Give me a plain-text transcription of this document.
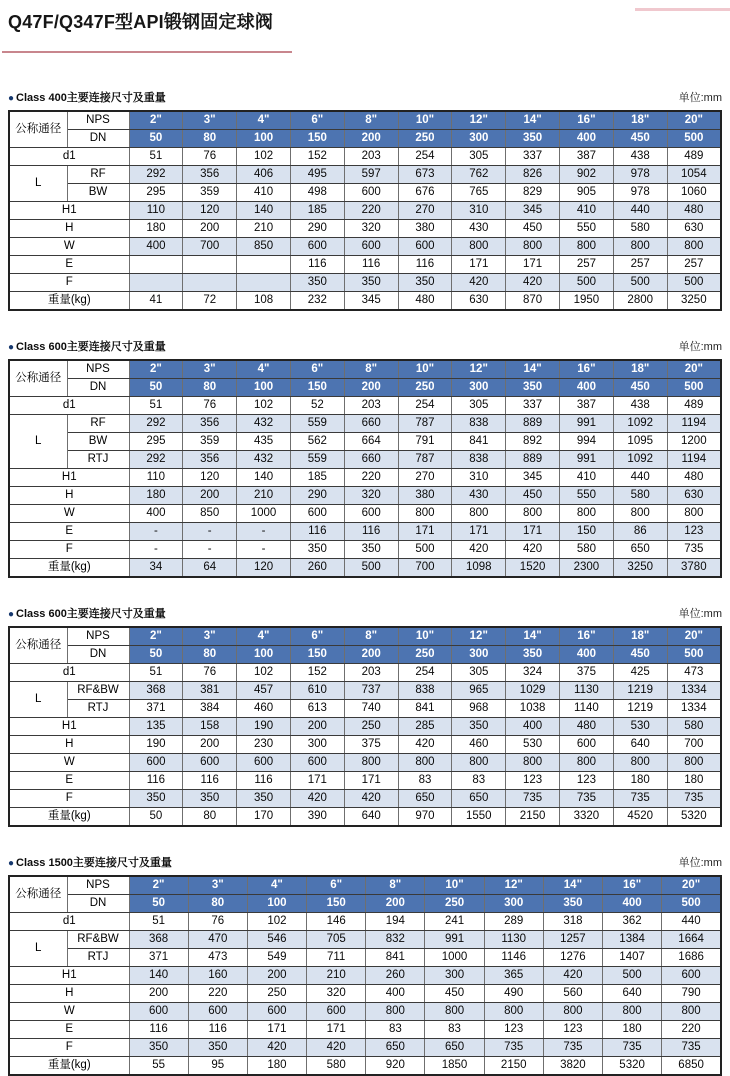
Q47F/Q347F型API锻钢固定球阀
● Class 400主要连接尺寸及重量	单位:mm
公称通径	NPS	2"	3"	4"	6"	8"	10"	12"	14"	16"	18"	20"
	DN	50	80	100	150	200	250	300	350	400	450	500
d1		51	76	102	152	203	254	305	337	387	438	489
L	RF	292	356	406	495	597	673	762	826	902	978	1054
	BW	295	359	410	498	600	676	765	829	905	978	1060
H1		110	120	140	185	220	270	310	345	410	440	480
H		180	200	210	290	320	380	430	450	550	580	630
W		400	700	850	600	600	600	800	800	800	800	800
E					116	116	116	171	171	257	257	257
F					350	350	350	420	420	500	500	500
重量(kg)		41	72	108	232	345	480	630	870	1950	2800	3250
● Class 600主要连接尺寸及重量	单位:mm
公称通径	NPS	2"	3"	4"	6"	8"	10"	12"	14"	16"	18"	20"
	DN	50	80	100	150	200	250	300	350	400	450	500
d1		51	76	102	52	203	254	305	337	387	438	489
L	RF	292	356	432	559	660	787	838	889	991	1092	1194
	BW	295	359	435	562	664	791	841	892	994	1095	1200
	RTJ	292	356	432	559	660	787	838	889	991	1092	1194
H1		110	120	140	185	220	270	310	345	410	440	480
H		180	200	210	290	320	380	430	450	550	580	630
W		400	850	1000	600	600	800	800	800	800	800	800
E		-	-	-	116	116	171	171	171	150	86	123
F		-	-	-	350	350	500	420	420	580	650	735
重量(kg)		34	64	120	260	500	700	1098	1520	2300	3250	3780
● Class 600主要连接尺寸及重量	单位:mm
公称通径	NPS	2"	3"	4"	6"	8"	10"	12"	14"	16"	18"	20"
	DN	50	80	100	150	200	250	300	350	400	450	500
d1		51	76	102	152	203	254	305	324	375	425	473
L	RF&BW	368	381	457	610	737	838	965	1029	1130	1219	1334
	RTJ	371	384	460	613	740	841	968	1038	1140	1219	1334
H1		135	158	190	200	250	285	350	400	480	530	580
H		190	200	230	300	375	420	460	530	600	640	700
W		600	600	600	600	800	800	800	800	800	800	800
E		116	116	116	171	171	83	83	123	123	180	180
F		350	350	350	420	420	650	650	735	735	735	735
重量(kg)		50	80	170	390	640	970	1550	2150	3320	4520	5320
● Class 1500主要连接尺寸及重量	单位:mm
公称通径	NPS	2"	3"	4"	6"	8"	10"	12"	14"	16"	20"
	DN	50	80	100	150	200	250	300	350	400	500
d1		51	76	102	146	194	241	289	318	362	440
L	RF&BW	368	470	546	705	832	991	1130	1257	1384	1664
	RTJ	371	473	549	711	841	1000	1146	1276	1407	1686
H1		140	160	200	210	260	300	365	420	500	600
H		200	220	250	320	400	450	490	560	640	790
W		600	600	600	600	800	800	800	800	800	800
E		116	116	171	171	83	83	123	123	180	220
F		350	350	420	420	650	650	735	735	735	735
重量(kg)		55	95	180	580	920	1850	2150	3820	5320	6850
